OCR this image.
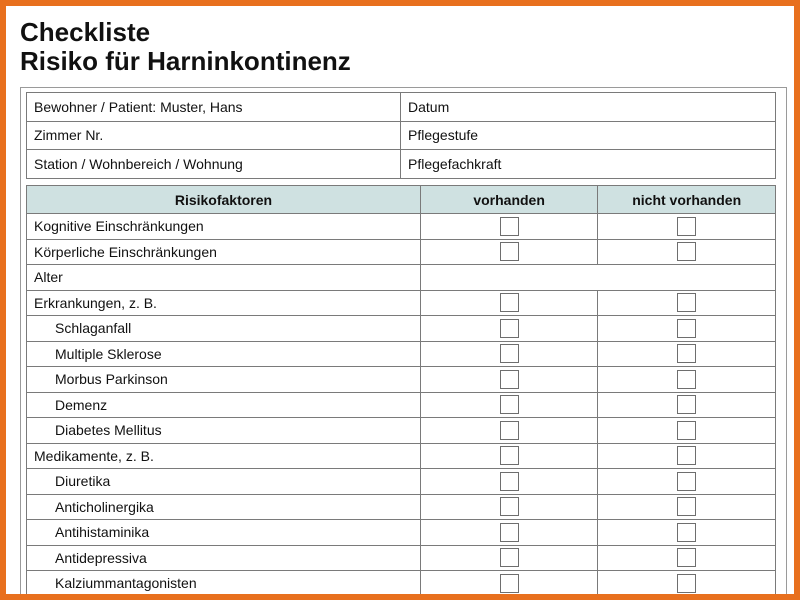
Checkliste
Risiko für Harninkontinenz
Bewohner / Patient: Muster, Hans	Datum
Zimmer Nr.	Pflegestufe
Station / Wohnbereich / Wohnung	Pflegefachkraft
Risikofaktoren	vorhanden	nicht vorhanden
Kognitive Einschränkungen		
Körperliche Einschränkungen		
Alter		
Erkrankungen, z. B.		
Schlaganfall		
Multiple Sklerose		
Morbus Parkinson		
Demenz		
Diabetes Mellitus		
Medikamente, z. B.		
Diuretika		
Anticholinergika		
Antihistaminika		
Antidepressiva		
Kalziummantagonisten		
